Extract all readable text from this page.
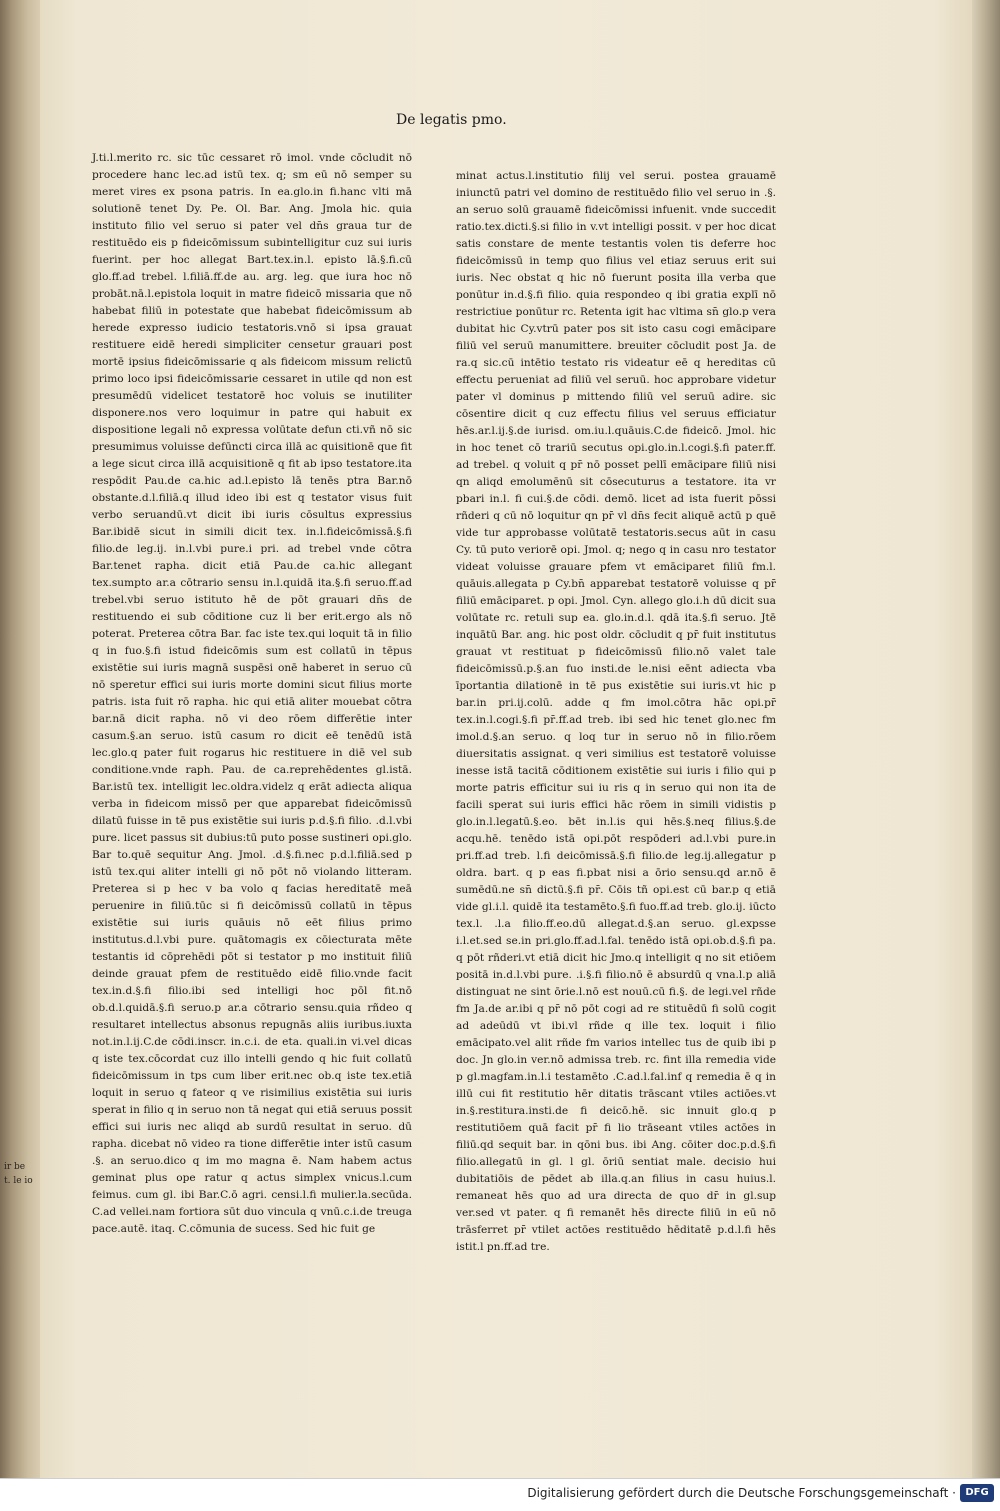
De legatis pmo.

J.ti.l.merito rc. sic tūc cessaret rō imol. vnde cōcludit nō procedere hanc lec.ad istū tex. q; sm eū nō semper su meret vires ex psona patris. In ea.glo.in fi.hanc vlti mā solutionē tenet Dy. Pe. Ol. Bar. Ang. Jmola hic. quia instituto filio vel seruo si pater vel dn̄s graua tur de restituēdo eis p fideicōmissum subintelligitur cuz sui iuris fuerint. per hoc allegat Bart.tex.in.l. episto lā.§.fi.cū glo.ff.ad trebel. l.filiā.ff.de au. arg. leg. que iura hoc nō probāt.nā.l.epistola loquit in matre fideicō missaria que nō habebat filiū in potestate que habebat fideicōmissum ab herede expresso iudicio testatoris.vnō si ipsa grauat restituere eidē heredi simpliciter censetur grauari post mortē ipsius fideicōmissarie q als fideicom missum relictū primo loco ipsi fideicōmissarie cessaret in utile qd non est presumēdū videlicet testatorē hoc voluis se inutiliter disponere.nos vero loquimur in patre qui habuit ex dispositione legali nō expressa volūtate defun cti.vñ nō sic presumimus voluisse defūncti circa illā ac quisitionē que fit a lege sicut circa illā acquisitionē q fit ab ipso testatore.ita respōdit Pau.de ca.hic ad.l.episto lā tenēs ptra Bar.nō obstante.d.l.filiā.q illud ideo ibi est q testator visus fuit verbo seruandū.vt dicit ibi iuris cōsultus expressius Bar.ibidē sicut in simili dicit tex. in.l.fideicōmissā.§.fi filio.de leg.ij. in.l.vbi pure.i pri. ad trebel vnde cōtra Bar.tenet rapha. dicit etiā Pau.de ca.hic allegant tex.sumpto ar.a cōtrario sensu in.l.quidā ita.§.fi seruo.ff.ad trebel.vbi seruo istituto hē de pōt grauari dn̄s de restituendo ei sub cōditione cuz li ber erit.ergo als nō poterat. Preterea cōtra Bar. fac iste tex.qui loquit tā in filio q in fuo.§.fi istud fideicōmis sum est collatū in tēpus existētie sui iuris magnā suspēsi onē haberet in seruo cū nō speretur effici sui iuris morte domini sicut filius morte patris. ista fuit rō rapha. hic qui etiā aliter mouebat cōtra bar.nā dicit rapha. nō vi deo rōem differētie inter casum.§.an seruo. istū casum ro dicit eē tenēdū istā lec.glo.q pater fuit rogarus hic restituere in diē vel sub conditione.vnde raph. Pau. de ca.reprehēdentes gl.istā. Bar.istū tex. intelligit lec.oldra.videlz q erāt adiecta aliqua verba in fideicom missō per que apparebat fideicōmissū dilatū fuisse in tē pus existētie sui iuris p.d.§.fi filio. .d.l.vbi pure. licet passus sit dubius:tū puto posse sustineri opi.glo. Bar to.quē sequitur Ang. Jmol. .d.§.fi.nec p.d.l.filiā.sed p istū tex.qui aliter intelli gi nō pōt nō violando litteram. Preterea si p hec v ba volo q facias hereditatē meā peruenire in filiū.tūc si fi deicōmissū collatū in tēpus existētie sui iuris quāuis nō eēt filius primo institutus.d.l.vbi pure. quātomagis ex cōiecturata mēte testantis id cōprehēdi pōt si testator p mo instituit filiū deinde grauat pfem de restituēdo eidē filio.vnde facit tex.in.d.§.fi filio.ibi sed intelligi hoc pōl fit.nō ob.d.l.quidā.§.fi seruo.p ar.a cōtrario sensu.quia rñdeo q resultaret intellectus absonus repugnās aliis iuribus.iuxta not.in.l.ij.C.de cōdi.inscr. in.c.i. de eta. quali.in vi.vel dicas q iste tex.cōcordat cuz illo intelli gendo q hic fuit collatū fideicōmissum in tps cum liber erit.nec ob.q iste tex.etiā loquit in seruo q fateor q ve risimilius existētia sui iuris sperat in filio q in seruo non tā negat qui etiā seruus possit effici sui iuris nec aliqd ab surdū resultat in seruo. dū rapha. dicebat nō video ra tione differētie inter istū casum .§. an seruo.dico q im mo magna ē. Nam habem actus geminat plus ope ratur q actus simplex vnicus.l.cum feimus. cum gl. ibi Bar.C.ō agri. censi.l.fi mulier.la.secūda. C.ad vellei.nam fortiora sūt duo vincula q vnū.c.i.de treuga pace.autē. itaq. C.cōmunia de sucess. Sed hic fuit ge

minat actus.l.institutio filij vel serui. postea grauamē iniunctū patri vel domino de restituēdo filio vel seruo in .§. an seruo solū grauamē fideicōmissi infuenit. vnde succedit ratio.tex.dicti.§.si filio in v.vt intelligi possit. v per hoc dicat satis constare de mente testantis volen tis deferre hoc fideicōmissū in temp quo filius vel etiaz seruus erit sui iuris. Nec obstat q hic nō fuerunt posita illa verba que ponūtur in.d.§.fi filio. quia respondeo q ibi gratia explī nō restrictiue ponūtur rc. Retenta igit hac vltima sn̄ glo.p vera dubitat hic Cy.vtrū pater pos sit isto casu cogi emācipare filiū vel seruū manumittere. breuiter cōcludit post Ja. de ra.q sic.cū intētio testato ris videatur eē q hereditas cū effectu perueniat ad filiū vel seruū. hoc approbare videtur pater vl dominus p mittendo filiū vel seruū adire. sic cōsentire dicit q cuz effectu filius vel seruus efficiatur hēs.ar.l.ij.§.de iurisd. om.iu.l.quāuis.C.de fideicō. Jmol. hic in hoc tenet cō trariū secutus opi.glo.in.l.cogi.§.fi pater.ff. ad trebel. q voluit q pr̄ nō posset pellī emācipare filiū nisi qn aliqd emolumēnū sit cōsecuturus a testatore. ita vr pbari in.l. fi cui.§.de cōdi. demō. licet ad ista fuerit pōssi rñderi q cū nō loquitur qn pr̄ vl dn̄s fecit aliquē actū p quē vide tur approbasse volūtatē testatoris.secus aūt in casu Cy. tū puto veriorē opi. Jmol. q; nego q in casu nro testator videat voluisse grauare pfem vt emāciparet filiū fm.l. quāuis.allegata p Cy.bn̄ apparebat testatorē voluisse q pr̄ filiū emāciparet. p opi. Jmol. Cyn. allego glo.i.h dū dicit sua volūtate rc. retuli sup ea. glo.in.d.l. qdā ita.§.fi seruo. Jtē inquātū Bar. ang. hic post oldr. cōcludit q pr̄ fuit institutus grauat vt restituat p fideicōmissū filio.nō valet tale fideicōmissū.p.§.an fuo insti.de le.nisi eēnt adiecta vba īportantia dilationē in tē pus existētie sui iuris.vt hic p bar.in pri.ij.colū. adde q fm imol.cōtra hāc opi.pr̄ tex.in.l.cogi.§.fi pr̄.ff.ad treb. ibi sed hic tenet glo.nec fm imol.d.§.an seruo. q loq tur in seruo nō in filio.rōem diuersitatis assignat. q veri similius est testatorē voluisse inesse istā tacitā cōditionem existētie sui iuris i filio qui p morte patris efficitur sui iu ris q in seruo qui non ita de facili sperat sui iuris effici hāc rōem in simili vidistis p glo.in.l.legatū.§.eo. bēt in.l.is qui hēs.§.neq filius.§.de acqu.hē. tenēdo istā opi.pōt respōderi ad.l.vbi pure.in pri.ff.ad treb. l.fi deicōmissā.§.fi filio.de leg.ij.allegatur p oldra. bart. q p eas fi.pbat nisi a ōrio sensu.qd ar.nō ē sumēdū.ne sn̄ dictū.§.fi pr̄. Cōis tñ opi.est cū bar.p q etiā vide gl.i.l. quidē ita testamēto.§.fi fuo.ff.ad treb. glo.ij. iūcto tex.l. .l.a filio.ff.eo.dū allegat.d.§.an seruo. gl.expsse i.l.et.sed se.in pri.glo.ff.ad.l.fal. tenēdo istā opi.ob.d.§.fi pa. q pōt rñderi.vt etiā dicit hic Jmo.q intelligit q no sit etiōem positā in.d.l.vbi pure. .i.§.fi filio.nō ē absurdū q vna.l.p aliā distinguat ne sint ōrie.l.nō est nouū.cū fi.§. de legi.vel rñde fm Ja.de ar.ibi q pr̄ nō pōt cogi ad re stituēdū fi solū cogit ad adeūdū vt ibi.vl rñde q ille tex. loquit i filio emācipato.vel alit rñde fm varios intellec tus de quib ibi p doc. Jn glo.in ver.nō admissa treb. rc. fint illa remedia vide p gl.magfam.in.l.i testamēto .C.ad.l.fal.inf q remedia ē q in illū cui fit restitutio hēr ditatis trāscant vtiles actiōes.vt in.§.restitura.insti.de fi deicō.hē. sic innuit glo.q p restitutiōem quā facit pr̄ fi lio trāseant vtiles actōes in filiū.qd sequit bar. in qōni bus. ibi Ang. cōiter doc.p.d.§.fi filio.allegatū in gl. l gl. ōriū sentiat male. decisio hui dubitatiōis de pēdet ab illa.q.an filius in casu huius.l. remaneat hēs quo ad ura directa de quo dr̄ in gl.sup ver.sed vt pater. q fi remanēt hēs directe filiū in eū nō trāsferret pr̄ vtilet actōes restituēdo hēditatē p.d.l.fi hēs istit.l pn.ff.ad tre.

ir be t. le io
Digitalisierung gefördert durch die Deutsche Forschungsgemeinschaft · DFG
